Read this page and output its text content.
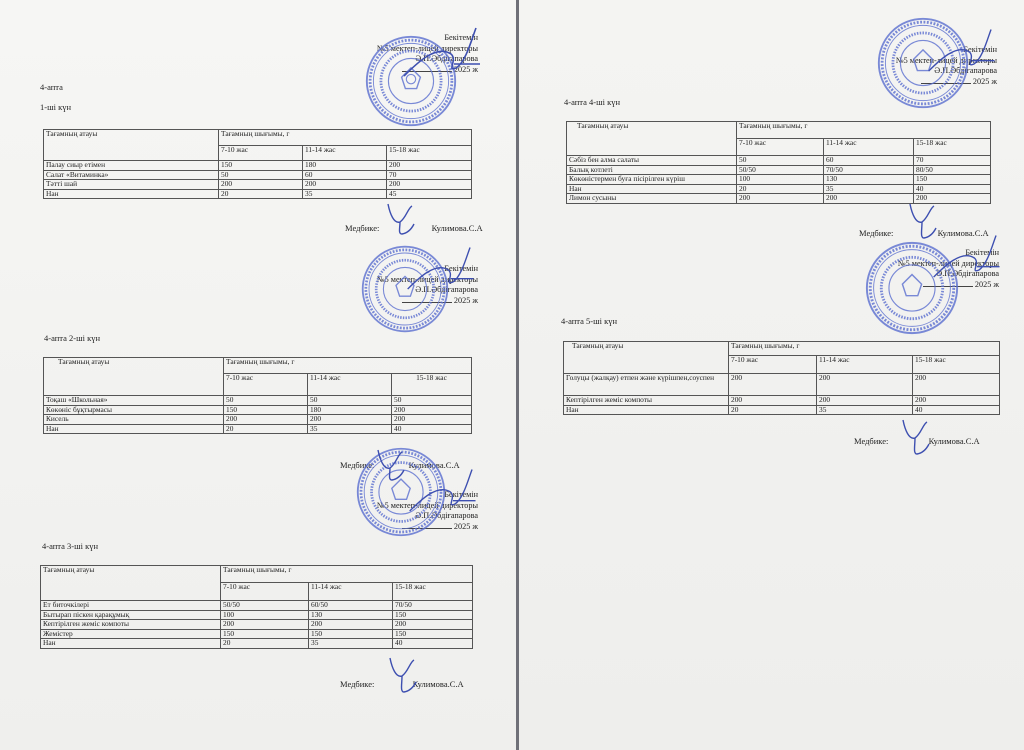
Бекітемін
№5 мектеп-лицей директоры
Ә.П.Әбдіғапарова
2025 ж
4-апта
1-ші күн
Тағамның атауы	Тағамның шығымы, г		
	7-10 жас	11-14 жас	15-18 жас
Палау сиыр етімен	150	180	200
Салат «Витаминка»	50	60	70
Тәтті шай	200	200	200
Нан	20	35	45
Медбике:	Кулимова.С.А
Бекітемін
№5 мектеп-лицей директоры
Ә.П.Әбдіғапарова
2025 ж
4-апта 2-ші күн
Тағамның атауы	Тағамның шығымы, г		
	7-10 жас	11-14 жас	15-18 жас
Тоқаш «Школьная»	50	50	50
Көкөніс бұқтырмасы	150	180	200
Кисель	200	200	200
Нан	20	35	40
Медбике:	Кулимова.С.А
Бекітемін
№5 мектеп-лицей директоры
Ә.П.Әбдіғапарова
2025 ж
4-апта 3-ші күн
Тағамның атауы	Тағамның шығымы, г		
	7-10 жас	11-14 жас	15-18 жас
Ет биточкілері	50/50	60/50	70/50
Бытырап піскен қарақұмық	100	130	150
Кептірілген жеміс компоты	200	200	200
Жемістер	150	150	150
Нан	20	35	40
Медбике:	Кулимова.С.А
Бекітемін
№5 мектеп-лицей директоры
Ә.П.Әбдіғапарова
2025 ж
4-апта 4-ші күн
Тағамның атауы	Тағамның шығымы, г		
	7-10 жас	11-14 жас	15-18 жас
Сәбіз бен алма салаты	50	60	70
Балық котлеті	50/50	70/50	80/50
Көкөністермен буға пісірілген күріш	100	130	150
Нан	20	35	40
Лимон сусыны	200	200	200
Медбике:	Кулимова.С.А
Бекітемін
№5 мектеп-лицей директоры
Ә.П.Әбдіғапарова
2025 ж
4-апта 5-ші күн
Тағамның атауы	Тағамның шығымы, г		
	7-10 жас	11-14 жас	15-18 жас
Голуцы (жалқау) етпен және күрішпен,соуспен	200	200	200
Кептірілген жеміс компоты	200	200	200
Нан	20	35	40
Медбике:	Кулимова.С.А
